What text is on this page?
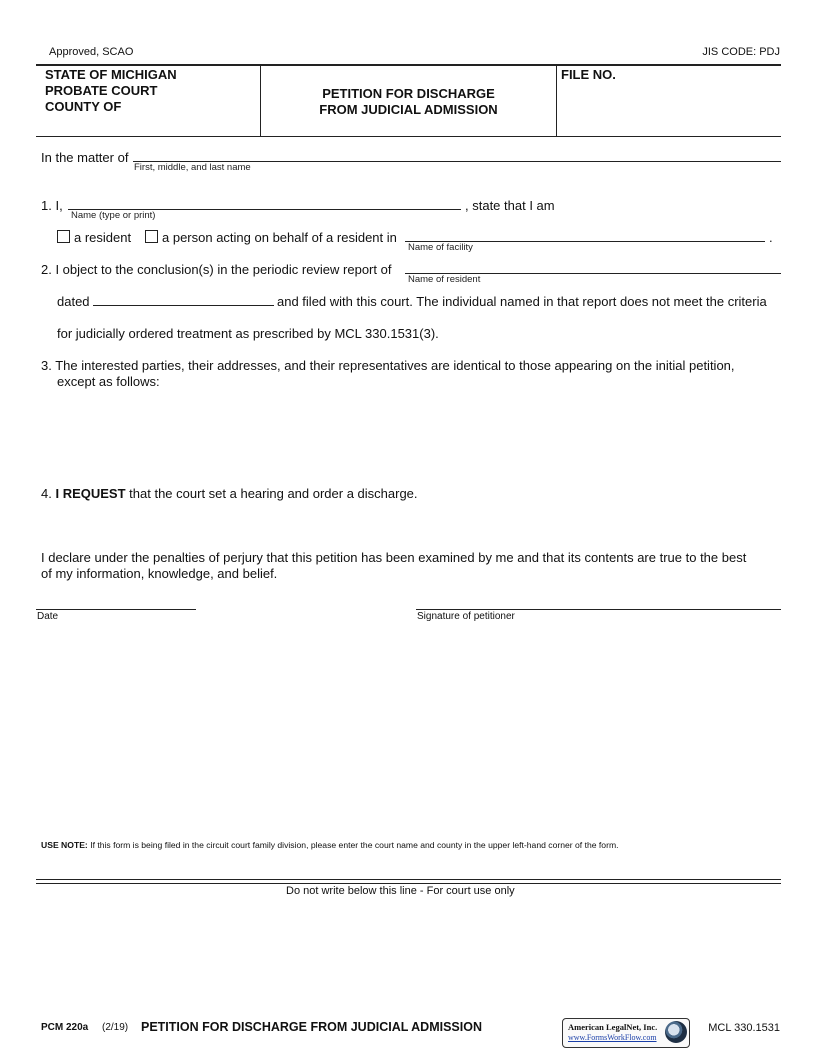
Approved, SCAO	JIS CODE: PDJ
STATE OF MICHIGAN
PROBATE COURT
COUNTY OF
PETITION FOR DISCHARGE
FROM JUDICIAL ADMISSION
FILE NO.
In the matter of
First, middle, and last name
1. I,	, state that I am
Name (type or print)
a resident	a person acting on behalf of a resident in	.
Name of facility
2. I object to the conclusion(s) in the periodic review report of
Name of resident
dated	and filed with this court. The individual named in that report does not meet the criteria
for judicially ordered treatment as prescribed by MCL 330.1531(3).
3. The interested parties, their addresses, and their representatives are identical to those appearing on the initial petition,
except as follows:
4. I REQUEST that the court set a hearing and order a discharge.
I declare under the penalties of perjury that this petition has been examined by me and that its contents are true to the best
of my information, knowledge, and belief.
Date	Signature of petitioner
USE NOTE: If this form is being filed in the circuit court family division, please enter the court name and county in the upper left-hand corner of the form.
Do not write below this line - For court use only
PCM 220a (2/19) PETITION FOR DISCHARGE FROM JUDICIAL ADMISSION	American LegalNet, Inc.
www.FormsWorkFlow.com
MCL 330.1531
